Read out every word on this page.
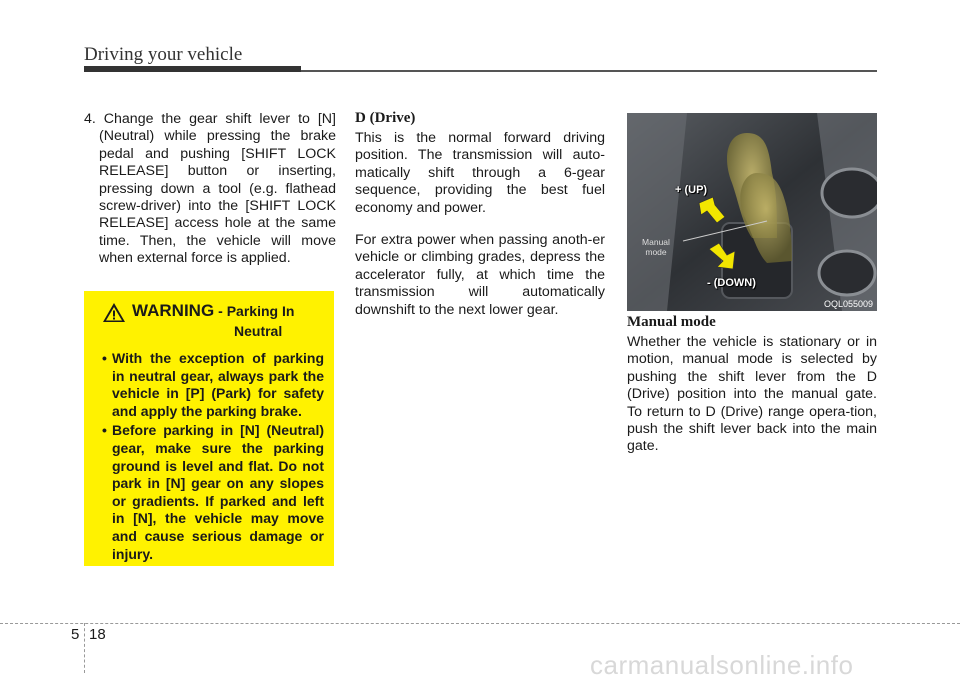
Driving your vehicle

4. Change the gear shift lever to [N] (Neutral) while pressing the brake pedal and pushing [SHIFT LOCK RELEASE] button or inserting, pressing down a tool (e.g. flathead screw-driver) into the [SHIFT LOCK RELEASE] access hole at the same time. Then, the vehicle will move when external force is applied.

WARNING - Parking In
Neutral
• With the exception of parking in neutral gear, always park the vehicle in [P] (Park) for safety and apply the parking brake.
• Before parking in [N] (Neutral) gear, make sure the parking ground is level and flat. Do not park in [N] gear on any slopes or gradients. If parked and left in [N], the vehicle may move and cause serious damage or injury.
D (Drive)

This is the normal forward driving position. The transmission will auto-matically shift through a 6-gear sequence, providing the best fuel economy and power.

For extra power when passing anoth-er vehicle or climbing grades, depress the accelerator fully, at which time the transmission will automatically downshift to the next lower gear.

+ (UP)
- (DOWN)
Manual
mode
OQL055009
Manual mode

Whether the vehicle is stationary or in motion, manual mode is selected by pushing the shift lever from the D (Drive) position into the manual gate. To return to D (Drive) range opera-tion, push the shift lever back into the main gate.

5 18
carmanualsonline.info
